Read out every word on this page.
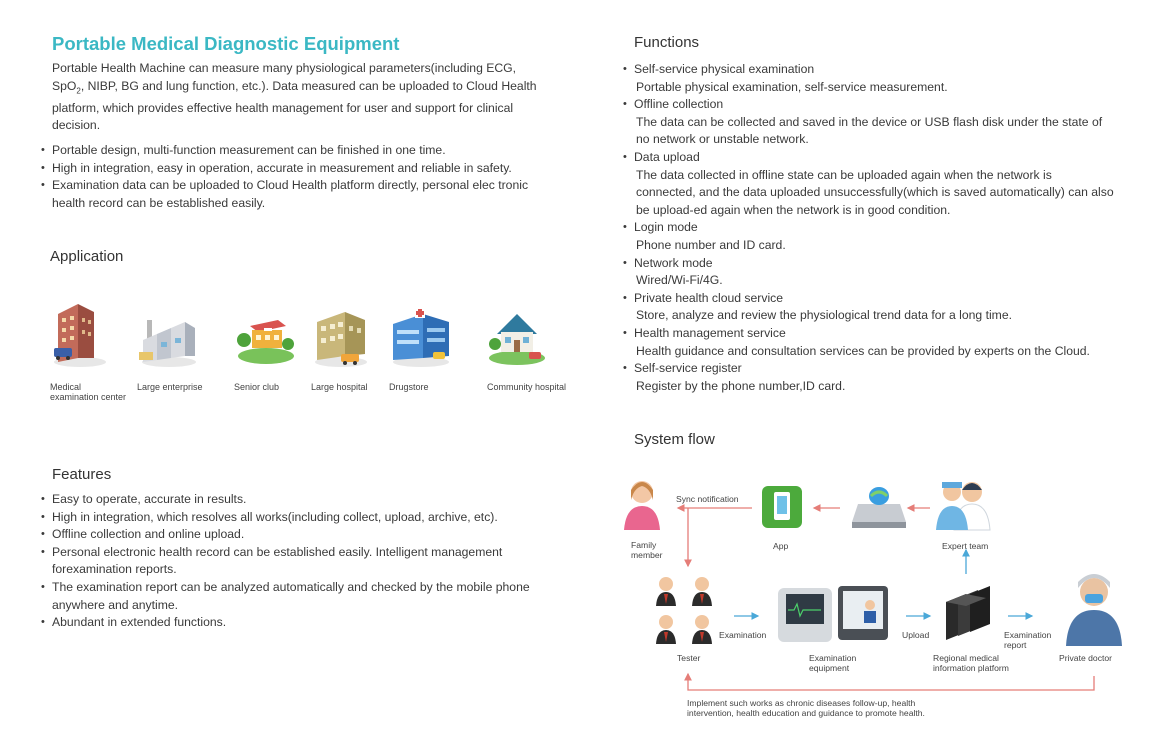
Portable Medical Diagnostic Equipment
Portable Health Machine can measure many physiological parameters(including ECG, SpO$_2$, NIBP, BG and lung function, etc.). Data measured can be uploaded to Cloud Health platform, which provides effective health management for user and support for clinical decision.
• Portable design, multi-function measurement can be finished in one time.
• High in integration, easy in operation, accurate in measurement and reliable in safety.
• Examination data can be uploaded to Cloud Health platform directly, personal elec tronic health record can be established easily.
Application
Medical examination center
Large enterprise	Senior club	Large hospital	Drugstore	Community hospital
Features
• Easy to operate, accurate in results.
• High in integration, which resolves all works(including collect, upload, archive, etc).
• Offline collection and online upload.
• Personal electronic health record can be established easily. Intelligent management forexamination reports.
• The examination report can be analyzed automatically and checked by the mobile phone anywhere and anytime.
• Abundant in extended functions.
Functions
• Self-service physical examination
Portable physical examination, self-service measurement.
• Offline collection
The data can be collected and saved in the device or USB flash disk under the state of no network or unstable network.
• Data upload
The data collected in offline state can be uploaded again when the network is connected, and the data uploaded unsuccessfully(which is saved automatically) can also be upload-ed again when the network is in good condition.
• Login mode
Phone number and ID card.
• Network mode
Wired/Wi-Fi/4G.
• Private health cloud service
Store, analyze and review the physiological trend data for a long time.
• Health management service
Health guidance and consultation services can be provided by experts on the Cloud.
• Self-service register
Register by the phone number,ID card.
System flow
Sync notification
Family member
App	Expert team
Examination
Tester	Examination equipment
Upload
Regional medical information platform
Examination report
Private doctor
Implement such works as chronic diseases follow-up, health intervention, health education and guidance to promote health.
